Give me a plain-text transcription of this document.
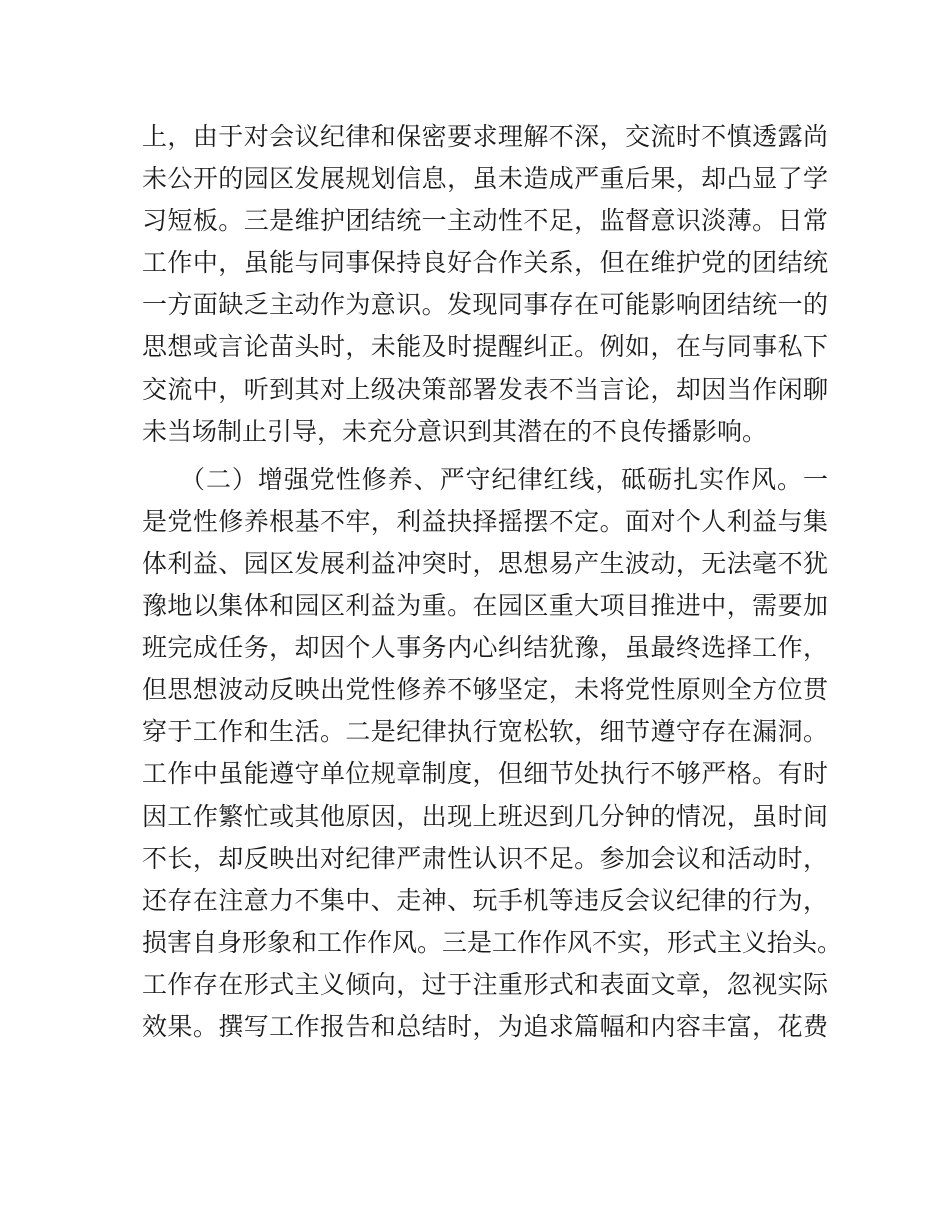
上，由于对会议纪律和保密要求理解不深，交流时不慎透露尚
未公开的园区发展规划信息，虽未造成严重后果，却凸显了学
习短板。三是维护团结统一主动性不足，监督意识淡薄。日常
工作中，虽能与同事保持良好合作关系，但在维护党的团结统
一方面缺乏主动作为意识。发现同事存在可能影响团结统一的
思想或言论苗头时，未能及时提醒纠正。例如，在与同事私下
交流中，听到其对上级决策部署发表不当言论，却因当作闲聊
未当场制止引导，未充分意识到其潜在的不良传播影响。
（二）增强党性修养、严守纪律红线，砥砺扎实作风。一
是党性修养根基不牢，利益抉择摇摆不定。面对个人利益与集
体利益、园区发展利益冲突时，思想易产生波动，无法毫不犹
豫地以集体和园区利益为重。在园区重大项目推进中，需要加
班完成任务，却因个人事务内心纠结犹豫，虽最终选择工作，
但思想波动反映出党性修养不够坚定，未将党性原则全方位贯
穿于工作和生活。二是纪律执行宽松软，细节遵守存在漏洞。
工作中虽能遵守单位规章制度，但细节处执行不够严格。有时
因工作繁忙或其他原因，出现上班迟到几分钟的情况，虽时间
不长，却反映出对纪律严肃性认识不足。参加会议和活动时，
还存在注意力不集中、走神、玩手机等违反会议纪律的行为，
损害自身形象和工作作风。三是工作作风不实，形式主义抬头。
工作存在形式主义倾向，过于注重形式和表面文章，忽视实际
效果。撰写工作报告和总结时，为追求篇幅和内容丰富，花费
